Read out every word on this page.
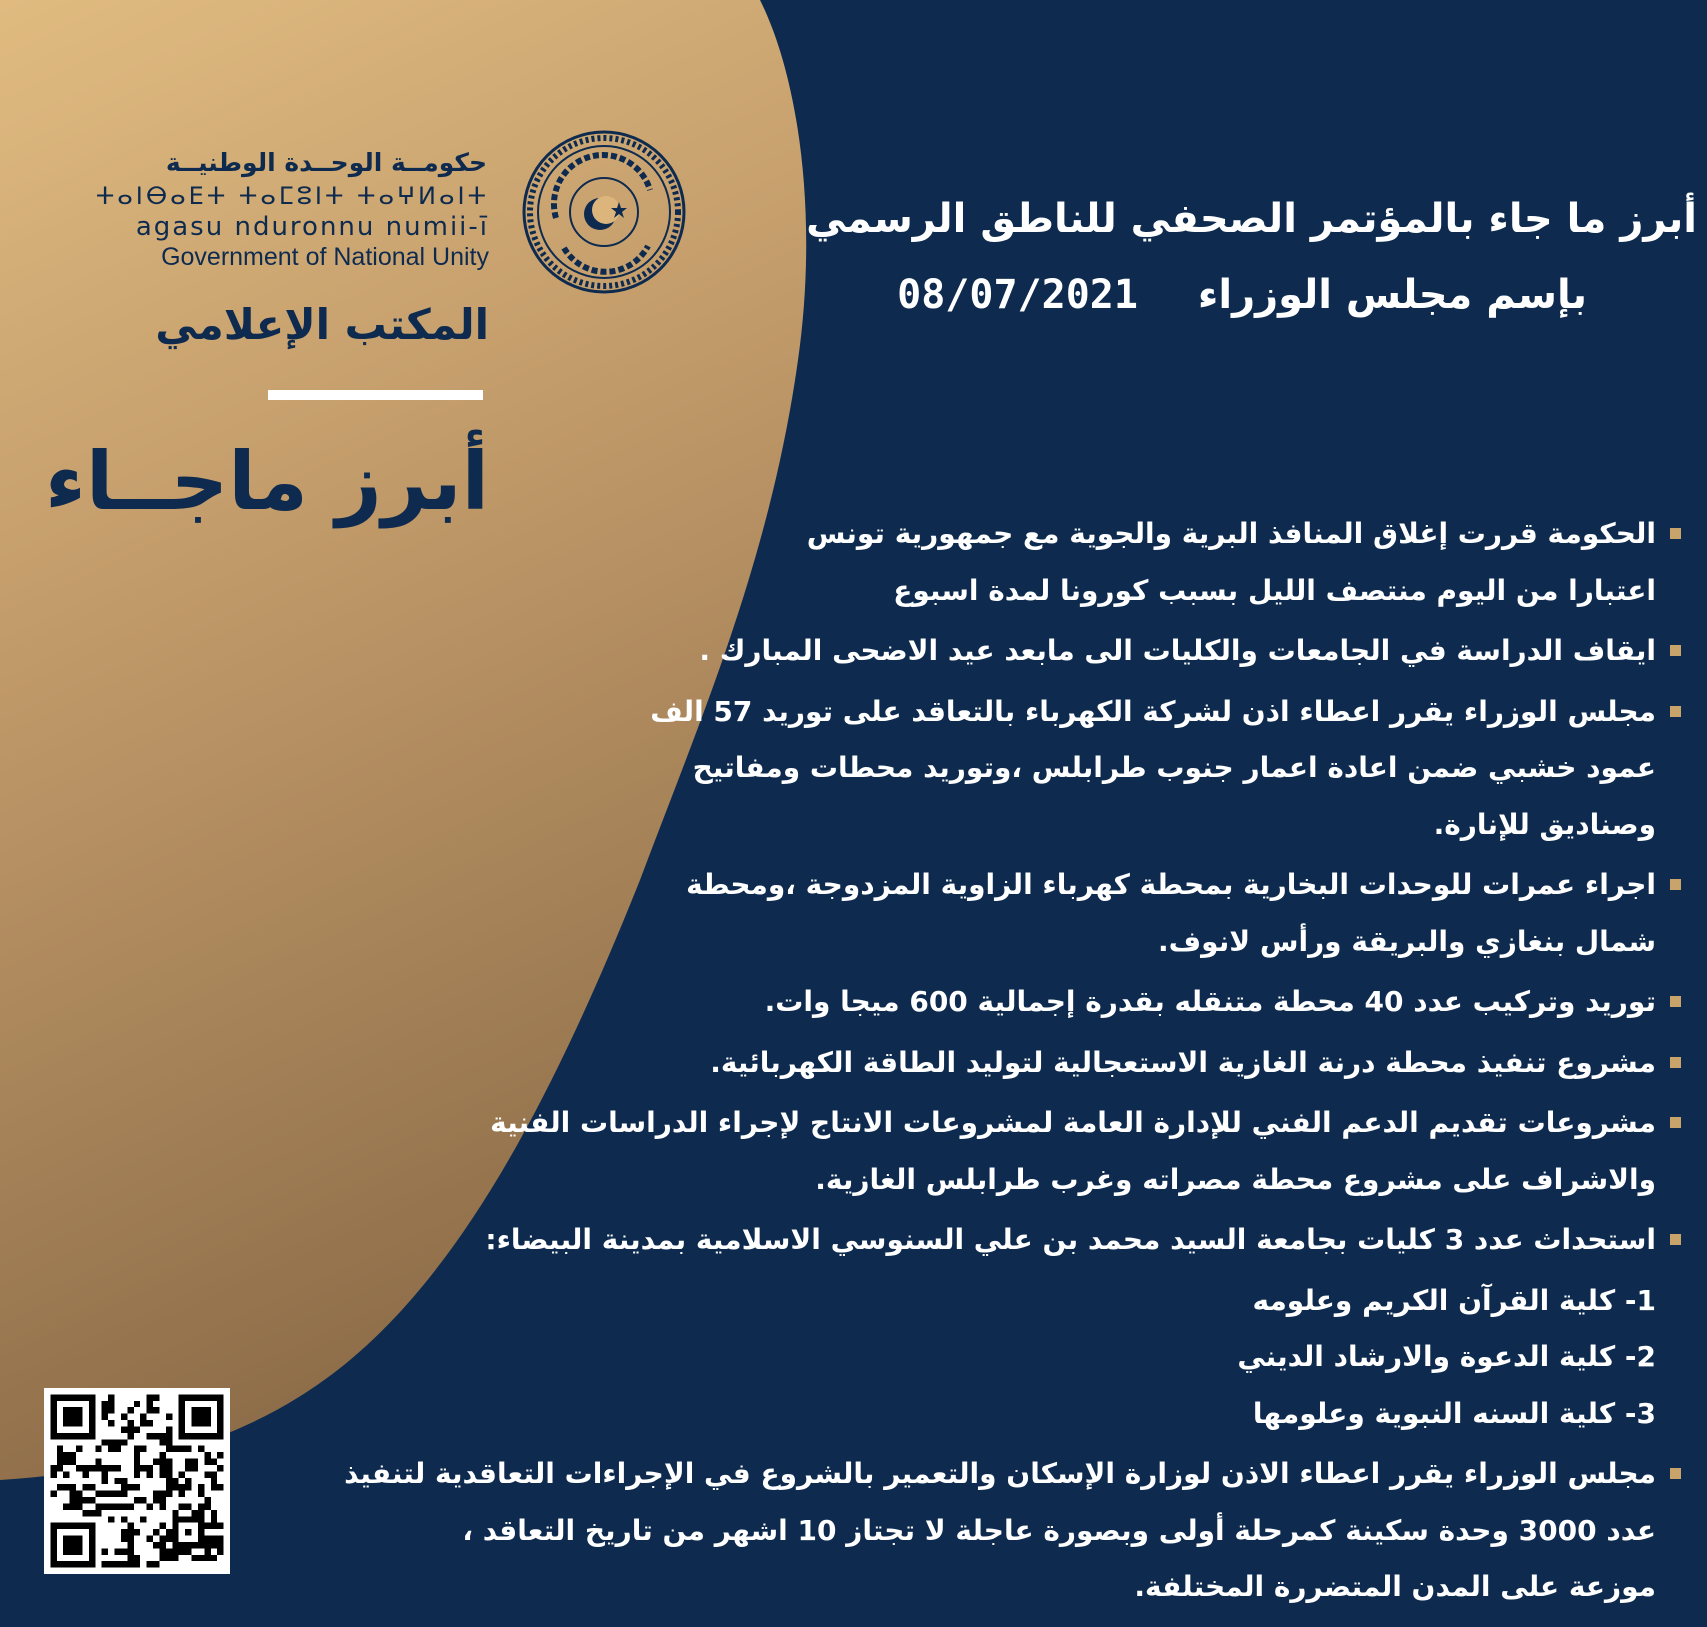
حكومــة الوحــدة الوطنيــة
ⵜⴰⵏⴱⴰⴹⵜ ⵜⴰⵎⵓⵏⵜ ⵜⴰⵖⵍⴰⵏⵜ
agasu nduronnu numii-ī
Government of National Unity
المكتب الإعلامي
أبرز ماجــاء
أبرز ما جاء بالمؤتمر الصحفي للناطق الرسمي
بإسم مجلس الوزراء 08/07/2021
الحكومة قررت إغلاق المنافذ البرية والجوية مع جمهورية تونس
اعتبارا من اليوم منتصف الليل بسبب كورونا لمدة اسبوع
ايقاف الدراسة في الجامعات والكليات الى مابعد عيد الاضحى المبارك .
مجلس الوزراء يقرر اعطاء اذن لشركة الكهرباء بالتعاقد على توريد 57 الف
عمود خشبي ضمن اعادة اعمار جنوب طرابلس ،وتوريد محطات ومفاتيح
وصناديق للإنارة.
اجراء عمرات للوحدات البخارية بمحطة كهرباء الزاوية المزدوجة ،ومحطة
شمال بنغازي والبريقة ورأس لانوف.
توريد وتركيب عدد 40 محطة متنقله بقدرة إجمالية 600 ميجا وات.
مشروع تنفيذ محطة درنة الغازية الاستعجالية لتوليد الطاقة الكهربائية.
مشروعات تقديم الدعم الفني للإدارة العامة لمشروعات الانتاج لإجراء الدراسات الفنية
والاشراف على مشروع محطة مصراته وغرب طرابلس الغازية.
استحداث عدد 3 كليات بجامعة السيد محمد بن علي السنوسي الاسلامية بمدينة البيضاء:
1- كلية القرآن الكريم وعلومه
2- كلية الدعوة والارشاد الديني
3- كلية السنه النبوية وعلومها
مجلس الوزراء يقرر اعطاء الاذن لوزارة الإسكان والتعمير بالشروع في الإجراءات التعاقدية لتنفيذ
عدد 3000 وحدة سكينة كمرحلة أولى وبصورة عاجلة لا تجتاز 10 اشهر من تاريخ التعاقد ،
موزعة على المدن المتضررة المختلفة.
